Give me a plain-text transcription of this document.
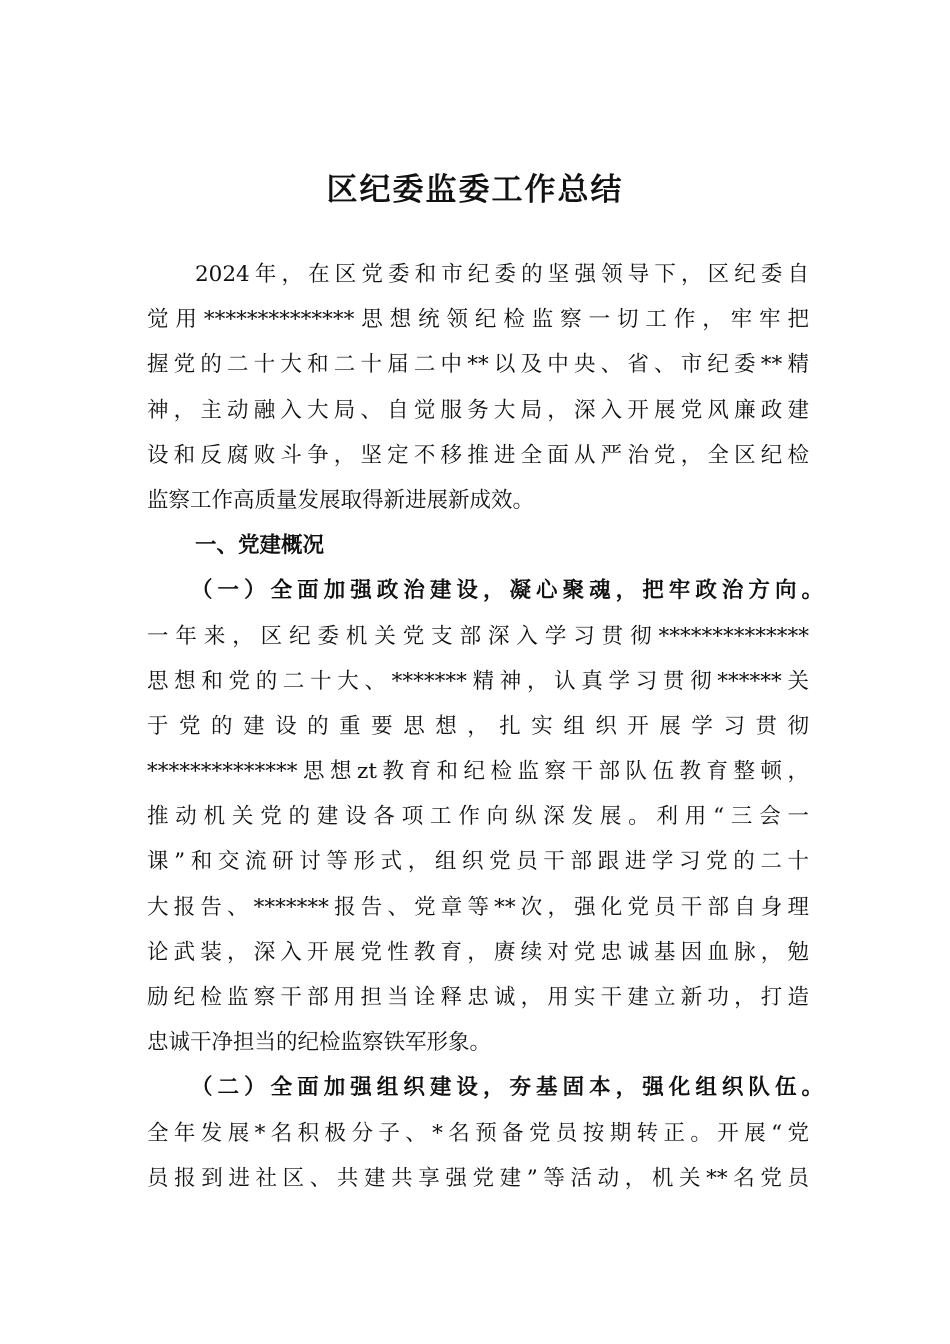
区纪委监委工作总结
2024年，在区党委和市纪委的坚强领导下，区纪委自
觉用**************思想统领纪检监察一切工作，牢牢把
握党的二十大和二十届二中**以及中央、省、市纪委**精
神，主动融入大局、自觉服务大局，深入开展党风廉政建
设和反腐败斗争，坚定不移推进全面从严治党，全区纪检
监察工作高质量发展取得新进展新成效。
一、党建概况
（一）全面加强政治建设，凝心聚魂，把牢政治方向。
一年来，区纪委机关党支部深入学习贯彻**************
思想和党的二十大、*******精神，认真学习贯彻******关
于党的建设的重要思想，扎实组织开展学习贯彻
**************思想zt教育和纪检监察干部队伍教育整顿，
推动机关党的建设各项工作向纵深发展。利用“三会一
课”和交流研讨等形式，组织党员干部跟进学习党的二十
大报告、*******报告、党章等**次，强化党员干部自身理
论武装，深入开展党性教育，赓续对党忠诚基因血脉，勉
励纪检监察干部用担当诠释忠诚，用实干建立新功，打造
忠诚干净担当的纪检监察铁军形象。
（二）全面加强组织建设，夯基固本，强化组织队伍。
全年发展*名积极分子、*名预备党员按期转正。开展“党
员报到进社区、共建共享强党建”等活动，机关**名党员
